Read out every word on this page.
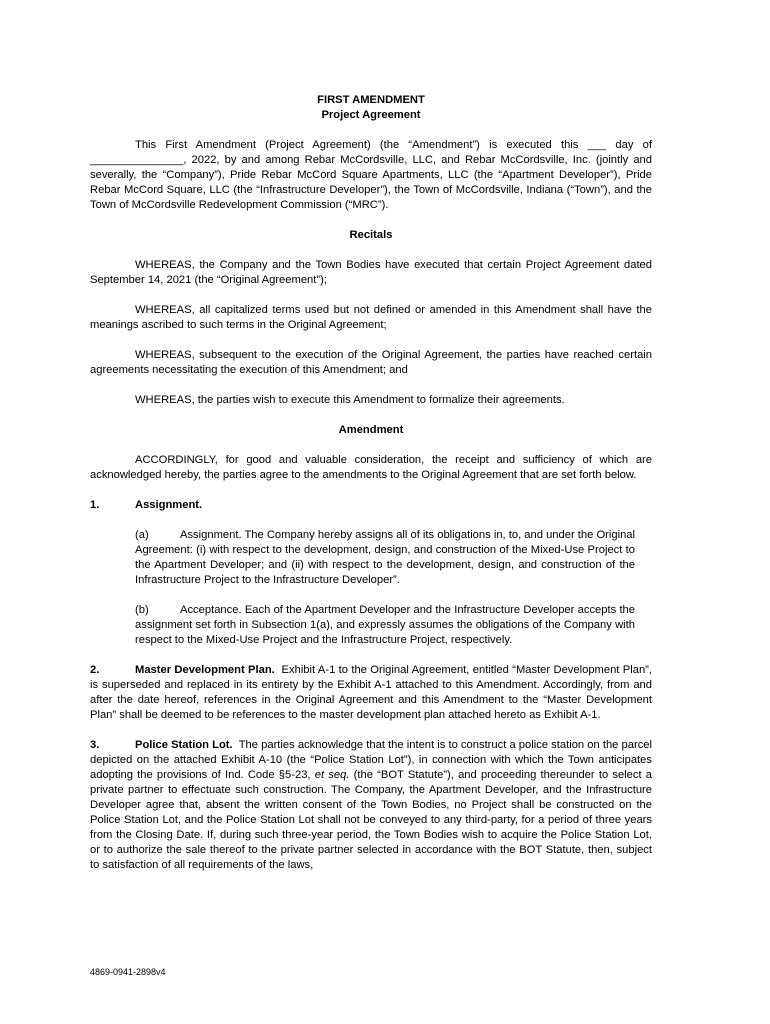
FIRST AMENDMENT

Project Agreement

This First Amendment (Project Agreement) (the “Amendment”) is executed this ___ day of _______________, 2022, by and among Rebar McCordsville, LLC, and Rebar McCordsville, Inc. (jointly and severally, the “Company”), Pride Rebar McCord Square Apartments, LLC (the “Apartment Developer”), Pride Rebar McCord Square, LLC (the “Infrastructure Developer”), the Town of McCordsville, Indiana (“Town”), and the Town of McCordsville Redevelopment Commission (“MRC”).

Recitals

WHEREAS, the Company and the Town Bodies have executed that certain Project Agreement dated September 14, 2021 (the “Original Agreement”);

WHEREAS, all capitalized terms used but not defined or amended in this Amendment shall have the meanings ascribed to such terms in the Original Agreement;

WHEREAS, subsequent to the execution of the Original Agreement, the parties have reached certain agreements necessitating the execution of this Amendment; and

WHEREAS, the parties wish to execute this Amendment to formalize their agreements.

Amendment

ACCORDINGLY, for good and valuable consideration, the receipt and sufficiency of which are acknowledged hereby, the parties agree to the amendments to the Original Agreement that are set forth below.

1.	Assignment.

(a)	Assignment. The Company hereby assigns all of its obligations in, to, and under the Original Agreement: (i) with respect to the development, design, and construction of the Mixed-Use Project to the Apartment Developer; and (ii) with respect to the development, design, and construction of the Infrastructure Project to the Infrastructure Developer”.

(b)	Acceptance. Each of the Apartment Developer and the Infrastructure Developer accepts the assignment set forth in Subsection 1(a), and expressly assumes the obligations of the Company with respect to the Mixed-Use Project and the Infrastructure Project, respectively.

2.	Master Development Plan. Exhibit A-1 to the Original Agreement, entitled “Master Development Plan”, is superseded and replaced in its entirety by the Exhibit A-1 attached to this Amendment. Accordingly, from and after the date hereof, references in the Original Agreement and this Amendment to the “Master Development Plan” shall be deemed to be references to the master development plan attached hereto as Exhibit A-1.

3.	Police Station Lot. The parties acknowledge that the intent is to construct a police station on the parcel depicted on the attached Exhibit A-10 (the “Police Station Lot”), in connection with which the Town anticipates adopting the provisions of Ind. Code §5-23, et seq. (the “BOT Statute”), and proceeding thereunder to select a private partner to effectuate such construction. The Company, the Apartment Developer, and the Infrastructure Developer agree that, absent the written consent of the Town Bodies, no Project shall be constructed on the Police Station Lot, and the Police Station Lot shall not be conveyed to any third-party, for a period of three years from the Closing Date. If, during such three-year period, the Town Bodies wish to acquire the Police Station Lot, or to authorize the sale thereof to the private partner selected in accordance with the BOT Statute, then, subject to satisfaction of all requirements of the laws,

4869-0941-2898v4
